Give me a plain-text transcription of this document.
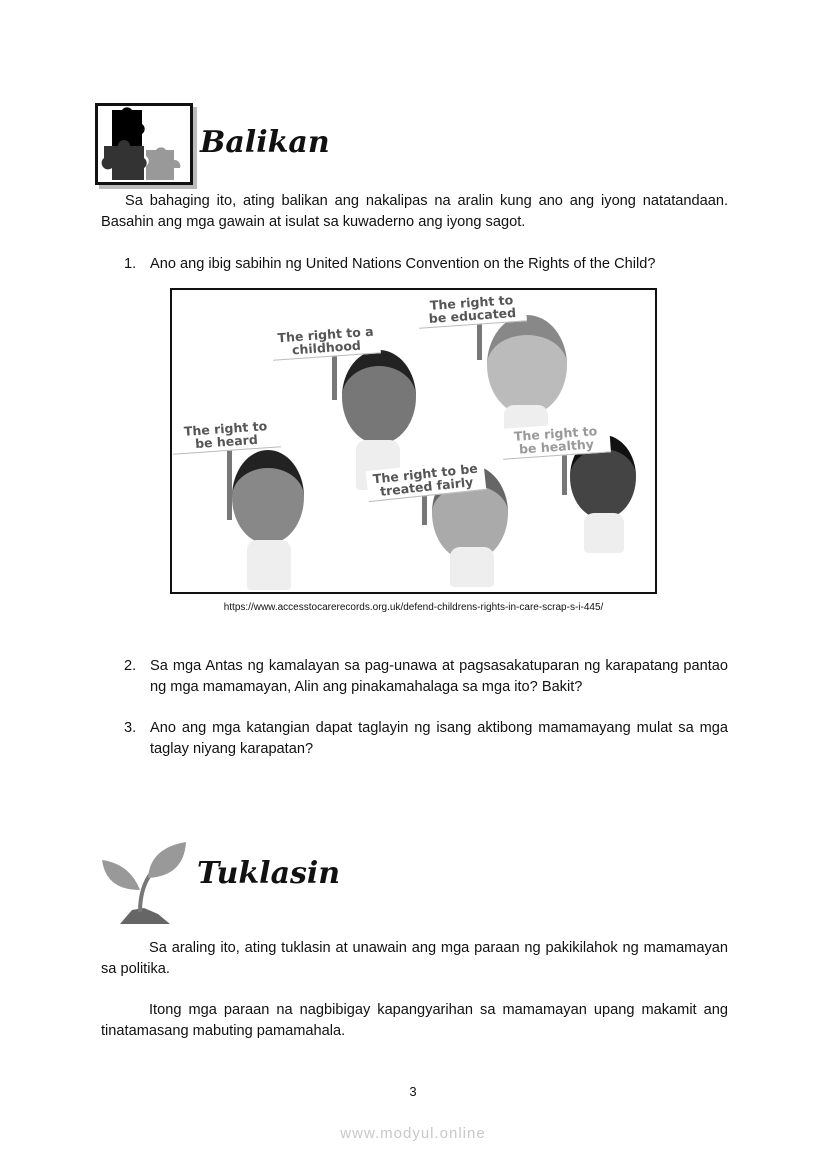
Balikan
Sa bahaging ito, ating balikan ang nakalipas na aralin kung ano ang iyong natatandaan. Basahin ang mga gawain at isulat sa kuwaderno ang iyong sagot.
1. Ano ang ibig sabihin ng United Nations Convention on the Rights of the Child?
The right to a childhood
The right to be educated
The right to be heard	The right to be healthy
The right to be treated fairly
https://www.accesstocarerecords.org.uk/defend-childrens-rights-in-care-scrap-s-i-445/
2. Sa mga Antas ng kamalayan sa pag-unawa at pagsasakatuparan ng karapatang pantao ng mga mamamayan, Alin ang pinakamahalaga sa mga ito? Bakit?
3. Ano ang mga katangian dapat taglayin ng isang aktibong mamamayang mulat sa mga taglay niyang karapatan?
Tuklasin
Sa araling ito, ating tuklasin at unawain ang mga paraan ng pakikilahok ng mamamayan sa politika.
Itong mga paraan na nagbibigay kapangyarihan sa mamamayan upang makamit ang tinatamasang mabuting pamamahala.
3
www.modyul.online
